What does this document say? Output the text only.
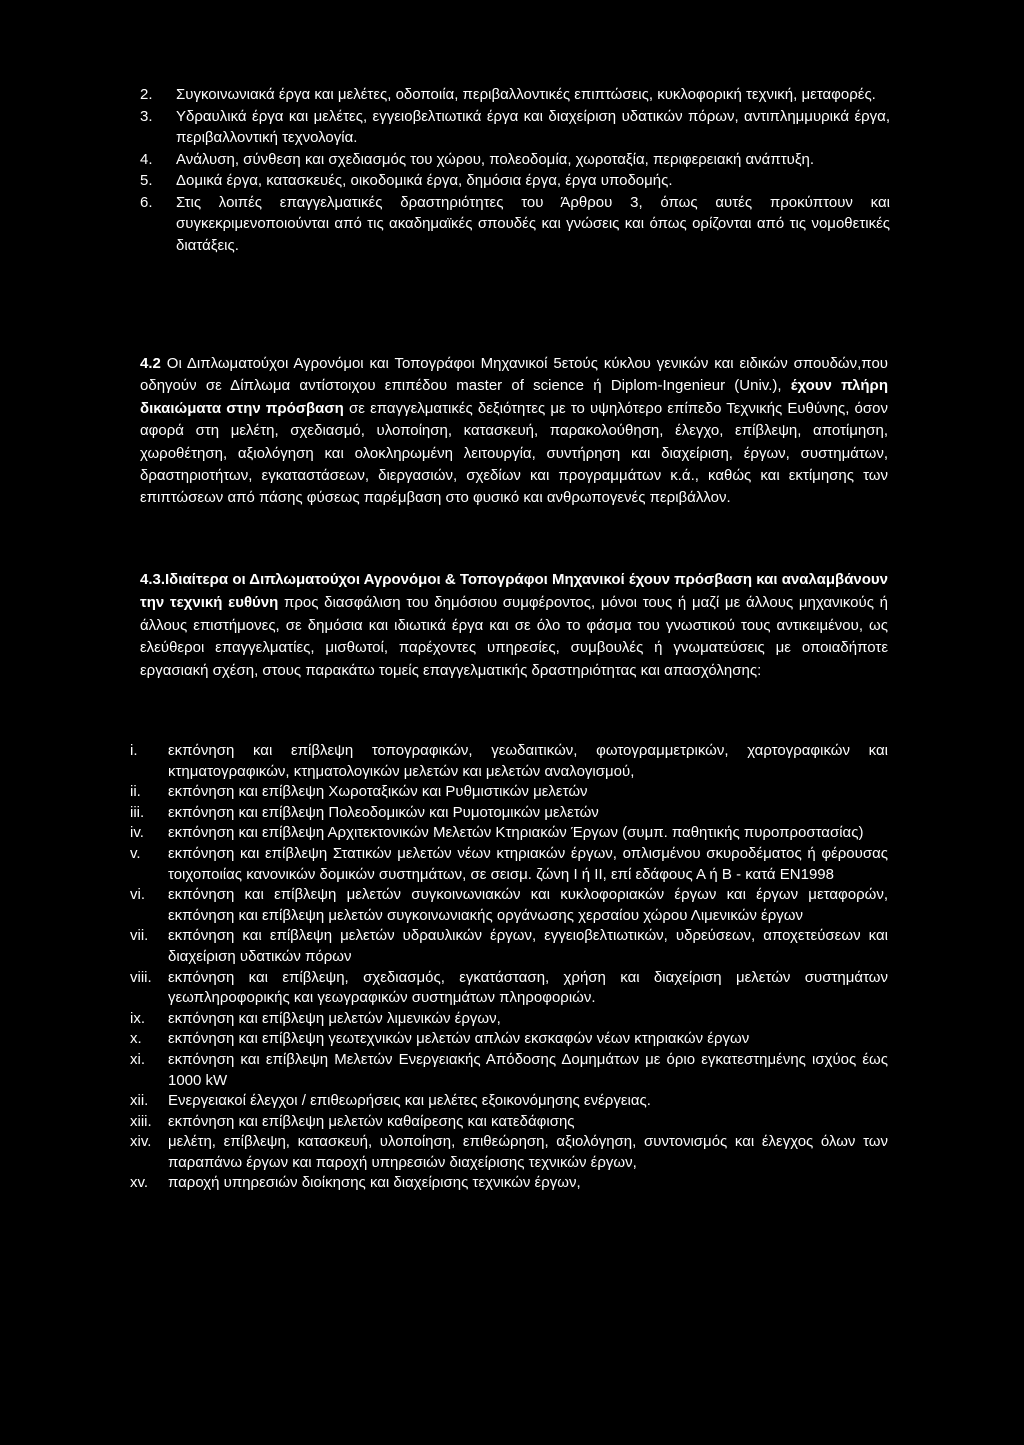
2. Συγκοινωνιακά έργα και μελέτες, οδοποιία, περιβαλλοντικές επιπτώσεις, κυκλοφορική τεχνική, μεταφορές.
3. Υδραυλικά έργα και μελέτες, εγγειοβελτιωτικά έργα και διαχείριση υδατικών πόρων, αντιπλημμυρικά έργα, περιβαλλοντική τεχνολογία.
4. Ανάλυση, σύνθεση και σχεδιασμός του χώρου, πολεοδομία, χωροταξία, περιφερειακή ανάπτυξη.
5. Δομικά έργα, κατασκευές, οικοδομικά έργα, δημόσια έργα, έργα υποδομής.
6. Στις λοιπές επαγγελματικές δραστηριότητες του Άρθρου 3, όπως αυτές προκύπτουν και συγκεκριμενοποιούνται από τις ακαδημαϊκές σπουδές και γνώσεις και όπως ορίζονται από τις νομοθετικές διατάξεις.

4.2 Οι Διπλωματούχοι Αγρονόμοι και Τοπογράφοι Μηχανικοί 5ετούς κύκλου γενικών και ειδικών σπουδών,που οδηγούν σε Δίπλωμα αντίστοιχου επιπέδου master of science ή Diplom-Ingenieur (Univ.), έχουν πλήρη δικαιώματα στην πρόσβαση σε επαγγελματικές δεξιότητες με το υψηλότερο επίπεδο Τεχνικής Ευθύνης, όσον αφορά στη μελέτη, σχεδιασμό, υλοποίηση, κατασκευή, παρακολούθηση, έλεγχο, επίβλεψη, αποτίμηση, χωροθέτηση, αξιολόγηση και ολοκληρωμένη λειτουργία, συντήρηση και διαχείριση, έργων, συστημάτων, δραστηριοτήτων, εγκαταστάσεων, διεργασιών, σχεδίων και προγραμμάτων κ.ά., καθώς και εκτίμησης των επιπτώσεων από πάσης φύσεως παρέμβαση στο φυσικό και ανθρωπογενές περιβάλλον.

4.3.Ιδιαίτερα οι Διπλωματούχοι Αγρονόμοι & Τοπογράφοι Μηχανικοί έχουν πρόσβαση και αναλαμβάνουν την τεχνική ευθύνη προς διασφάλιση του δημόσιου συμφέροντος, μόνοι τους ή μαζί με άλλους μηχανικούς ή άλλους επιστήμονες, σε δημόσια και ιδιωτικά έργα και σε όλο το φάσμα του γνωστικού τους αντικειμένου, ως ελεύθεροι επαγγελματίες, μισθωτοί, παρέχοντες υπηρεσίες, συμβουλές ή γνωματεύσεις με οποιαδήποτε εργασιακή σχέση, στους παρακάτω τομείς επαγγελματικής δραστηριότητας και απασχόλησης:

i. εκπόνηση και επίβλεψη τοπογραφικών, γεωδαιτικών, φωτογραμμετρικών, χαρτογραφικών και κτηματογραφικών, κτηματολογικών μελετών και μελετών αναλογισμού,
ii. εκπόνηση και επίβλεψη Χωροταξικών και Ρυθμιστικών μελετών
iii. εκπόνηση και επίβλεψη Πολεοδομικών και Ρυμοτομικών μελετών
iv. εκπόνηση και επίβλεψη Αρχιτεκτονικών Μελετών Κτηριακών Έργων (συμπ. παθητικής πυροπροστασίας)
v. εκπόνηση και επίβλεψη Στατικών μελετών νέων κτηριακών έργων, οπλισμένου σκυροδέματος ή φέρουσας τοιχοποιίας κανονικών δομικών συστημάτων, σε σεισμ. ζώνη I ή II, επί εδάφους Α ή Β - κατά ΕΝ1998
vi. εκπόνηση και επίβλεψη μελετών συγκοινωνιακών και κυκλοφοριακών έργων και έργων μεταφορών, εκπόνηση και επίβλεψη μελετών συγκοινωνιακής οργάνωσης χερσαίου χώρου Λιμενικών έργων
vii. εκπόνηση και επίβλεψη μελετών υδραυλικών έργων, εγγειοβελτιωτικών, υδρεύσεων, αποχετεύσεων και διαχείριση υδατικών πόρων
viii. εκπόνηση και επίβλεψη, σχεδιασμός, εγκατάσταση, χρήση και διαχείριση μελετών συστημάτων γεωπληροφορικής και γεωγραφικών συστημάτων πληροφοριών.
ix. εκπόνηση και επίβλεψη μελετών λιμενικών έργων,
x. εκπόνηση και επίβλεψη γεωτεχνικών μελετών απλών εκσκαφών νέων κτηριακών έργων
xi. εκπόνηση και επίβλεψη Μελετών Ενεργειακής Απόδοσης Δομημάτων με όριο εγκατεστημένης ισχύος έως 1000 kW
xii. Ενεργειακοί έλεγχοι / επιθεωρήσεις και μελέτες εξοικονόμησης ενέργειας.
xiii. εκπόνηση και επίβλεψη μελετών καθαίρεσης και κατεδάφισης
xiv. μελέτη, επίβλεψη, κατασκευή, υλοποίηση, επιθεώρηση, αξιολόγηση, συντονισμός και έλεγχος όλων των παραπάνω έργων και παροχή υπηρεσιών διαχείρισης τεχνικών έργων,
xv. παροχή υπηρεσιών διοίκησης και διαχείρισης τεχνικών έργων,
